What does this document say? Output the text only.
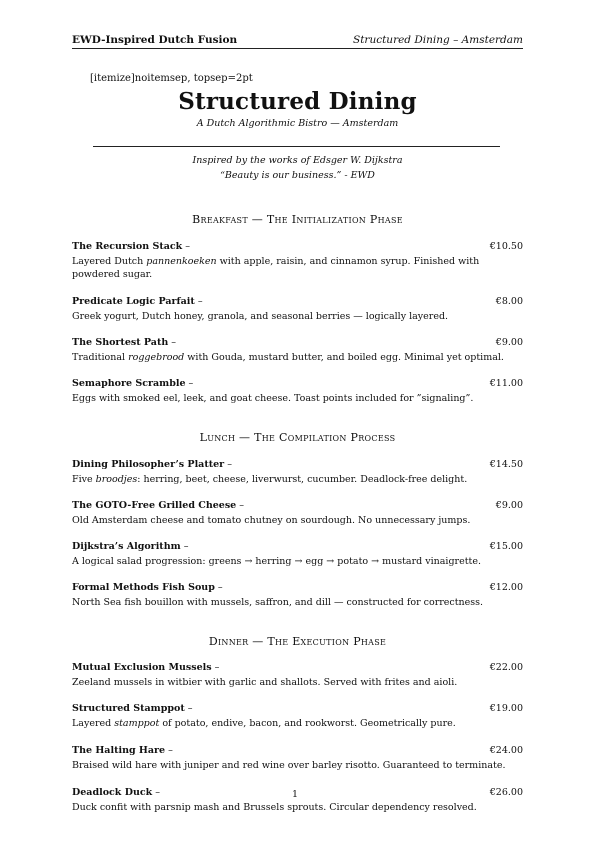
EWD-Inspired Dutch Fusion	Structured Dining – Amsterdam
[itemize]noitemsep, topsep=2pt
Structured Dining
A Dutch Algorithmic Bistro — Amsterdam
Inspired by the works of Edsger W. Dijkstra
“Beauty is our business.” - EWD
Breakfast — The Initialization Phase
The Recursion Stack –	€10.50
Layered Dutch pannenkoeken with apple, raisin, and cinnamon syrup. Finished with powdered sugar.
Predicate Logic Parfait –	€8.00
Greek yogurt, Dutch honey, granola, and seasonal berries — logically layered.
The Shortest Path –	€9.00
Traditional roggebrood with Gouda, mustard butter, and boiled egg. Minimal yet optimal.
Semaphore Scramble –	€11.00
Eggs with smoked eel, leek, and goat cheese. Toast points included for ”signaling”.
Lunch — The Compilation Process
Dining Philosopher’s Platter –	€14.50
Five broodjes: herring, beet, cheese, liverwurst, cucumber. Deadlock-free delight.
The GOTO-Free Grilled Cheese –	€9.00
Old Amsterdam cheese and tomato chutney on sourdough. No unnecessary jumps.
Dijkstra’s Algorithm –	€15.00
A logical salad progression: greens → herring → egg → potato → mustard vinaigrette.
Formal Methods Fish Soup –	€12.00
North Sea fish bouillon with mussels, saffron, and dill — constructed for correctness.
Dinner — The Execution Phase
Mutual Exclusion Mussels –	€22.00
Zeeland mussels in witbier with garlic and shallots. Served with frites and aioli.
Structured Stamppot –	€19.00
Layered stamppot of potato, endive, bacon, and rookworst. Geometrically pure.
The Halting Hare –	€24.00
Braised wild hare with juniper and red wine over barley risotto. Guaranteed to terminate.
Deadlock Duck –	€26.00
Duck confit with parsnip mash and Brussels sprouts. Circular dependency resolved.
1
